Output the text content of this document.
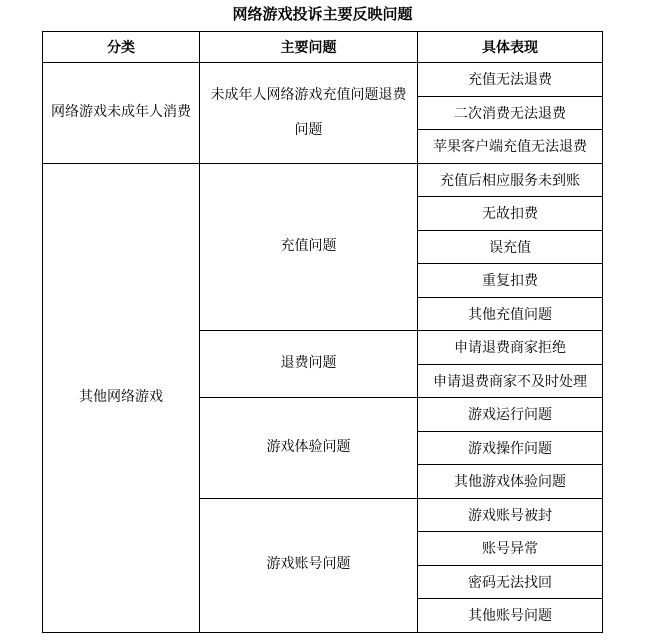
网络游戏投诉主要反映问题
分类	主要问题	具体表现
网络游戏未成年人消费	未成年人网络游戏充值问题退费问题	充值无法退费
		二次消费无法退费
		苹果客户端充值无法退费
其他网络游戏	充值问题	充值后相应服务未到账
		无故扣费
		误充值
		重复扣费
		其他充值问题
	退费问题	申请退费商家拒绝
		申请退费商家不及时处理
	游戏体验问题	游戏运行问题
		游戏操作问题
		其他游戏体验问题
	游戏账号问题	游戏账号被封
		账号异常
		密码无法找回
		其他账号问题
